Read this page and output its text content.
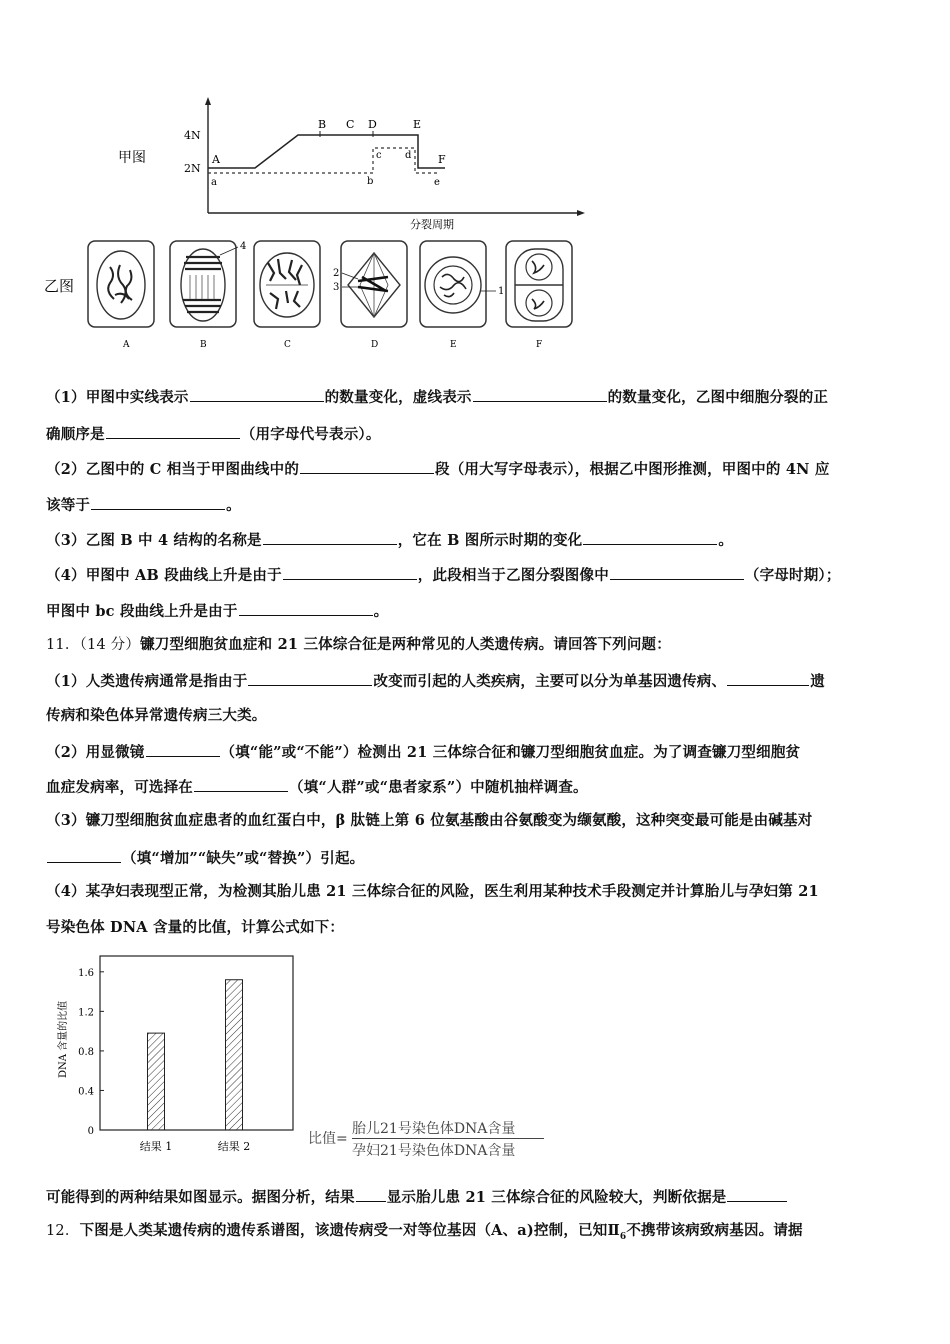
4N
2N
甲图	A
B C D	E
F
a	b
c d
e
分裂周期
乙图
4
2
3	1
A	B	C	D	E	F
（1）甲图中实线表示	的数量变化，虚线表示	的数量变化，乙图中细胞分裂的正
确顺序是	（用字母代号表示）。
（2）乙图中的 C 相当于甲图曲线中的	段（用大写字母表示），根据乙中图形推测，甲图中的 4N 应
该等于	。
（3）乙图 B 中 4 结构的名称是	，它在 B 图所示时期的变化	。
（4）甲图中 AB 段曲线上升是由于	，此段相当于乙图分裂图像中	（字母时期）；
甲图中 bc 段曲线上升是由于	。
11．（14 分）镰刀型细胞贫血症和 21 三体综合征是两种常见的人类遗传病。请回答下列问题：
（1）人类遗传病通常是指由于	改变而引起的人类疾病，主要可以分为单基因遗传病、	遗
传病和染色体异常遗传病三大类。
（2）用显微镜	（填“能”或“不能”）检测出 21 三体综合征和镰刀型细胞贫血症。为了调查镰刀型细胞贫
血症发病率，可选择在	（填“人群”或“患者家系”）中随机抽样调查。
（3）镰刀型细胞贫血症患者的血红蛋白中，β 肽链上第 6 位氨基酸由谷氨酸变为缬氨酸，这种突变最可能是由碱基对
（填“增加”“缺失”或“替换”）引起。
（4）某孕妇表现型正常，为检测其胎儿患 21 三体综合征的风险，医生利用某种技术手段测定并计算胎儿与孕妇第 21
号染色体 DNA 含量的比值，计算公式如下：
0
0.4
0.8
1.2
1.6
结果 1	结果 2
DNA 含量的比值
比值=
胎儿21号染色体DNA含量
孕妇21号染色体DNA含量
可能得到的两种结果如图显示。据图分析，结果 显示胎儿患 21 三体综合征的风险较大，判断依据是
12．下图是人类某遗传病的遗传系谱图，该遗传病受一对等位基因（A、a)控制，已知$Ⅱ_6$不携带该病致病基因。请据
